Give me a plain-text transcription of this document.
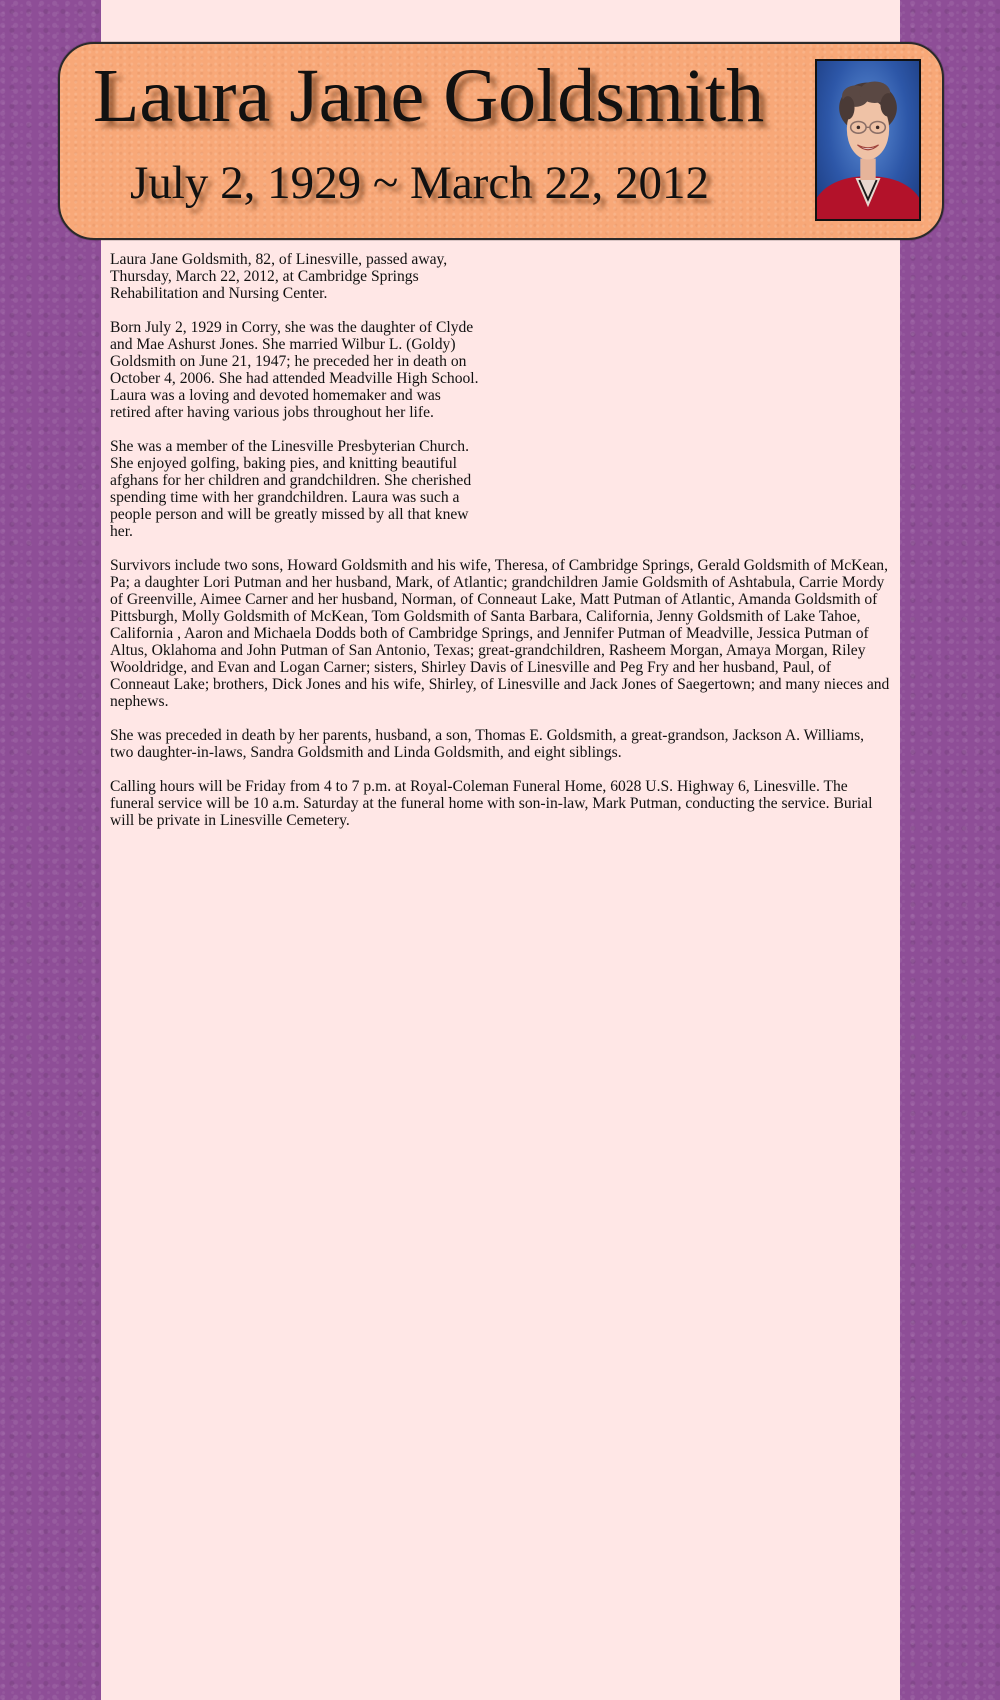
Laura Jane Goldsmith
July 2, 1929 ~ March 22, 2012

Laura Jane Goldsmith, 82, of Linesville, passed away, Thursday, March 22, 2012, at Cambridge Springs Rehabilitation and Nursing Center.

Born July 2, 1929 in Corry, she was the daughter of Clyde and Mae Ashurst Jones. She married Wilbur L. (Goldy) Goldsmith on June 21, 1947; he preceded her in death on October 4, 2006. She had attended Meadville High School. Laura was a loving and devoted homemaker and was retired after having various jobs throughout her life.

She was a member of the Linesville Presbyterian Church. She enjoyed golfing, baking pies, and knitting beautiful afghans for her children and grandchildren. She cherished spending time with her grandchildren. Laura was such a people person and will be greatly missed by all that knew her.

Survivors include two sons, Howard Goldsmith and his wife, Theresa, of Cambridge Springs, Gerald Goldsmith of McKean, Pa; a daughter Lori Putman and her husband, Mark, of Atlantic; grandchildren Jamie Goldsmith of Ashtabula, Carrie Mordy of Greenville, Aimee Carner and her husband, Norman, of Conneaut Lake, Matt Putman of Atlantic, Amanda Goldsmith of Pittsburgh, Molly Goldsmith of McKean, Tom Goldsmith of Santa Barbara, California, Jenny Goldsmith of Lake Tahoe, California , Aaron and Michaela Dodds both of Cambridge Springs, and Jennifer Putman of Meadville, Jessica Putman of Altus, Oklahoma and John Putman of San Antonio, Texas; great-grandchildren, Rasheem Morgan, Amaya Morgan, Riley Wooldridge, and Evan and Logan Carner; sisters, Shirley Davis of Linesville and Peg Fry and her husband, Paul, of Conneaut Lake; brothers, Dick Jones and his wife, Shirley, of Linesville and Jack Jones of Saegertown; and many nieces and nephews.

She was preceded in death by her parents, husband, a son, Thomas E. Goldsmith, a great-grandson, Jackson A. Williams, two daughter-in-laws, Sandra Goldsmith and Linda Goldsmith, and eight siblings.

Calling hours will be Friday from 4 to 7 p.m. at Royal-Coleman Funeral Home, 6028 U.S. Highway 6, Linesville. The funeral service will be 10 a.m. Saturday at the funeral home with son-in-law, Mark Putman, conducting the service. Burial will be private in Linesville Cemetery.
